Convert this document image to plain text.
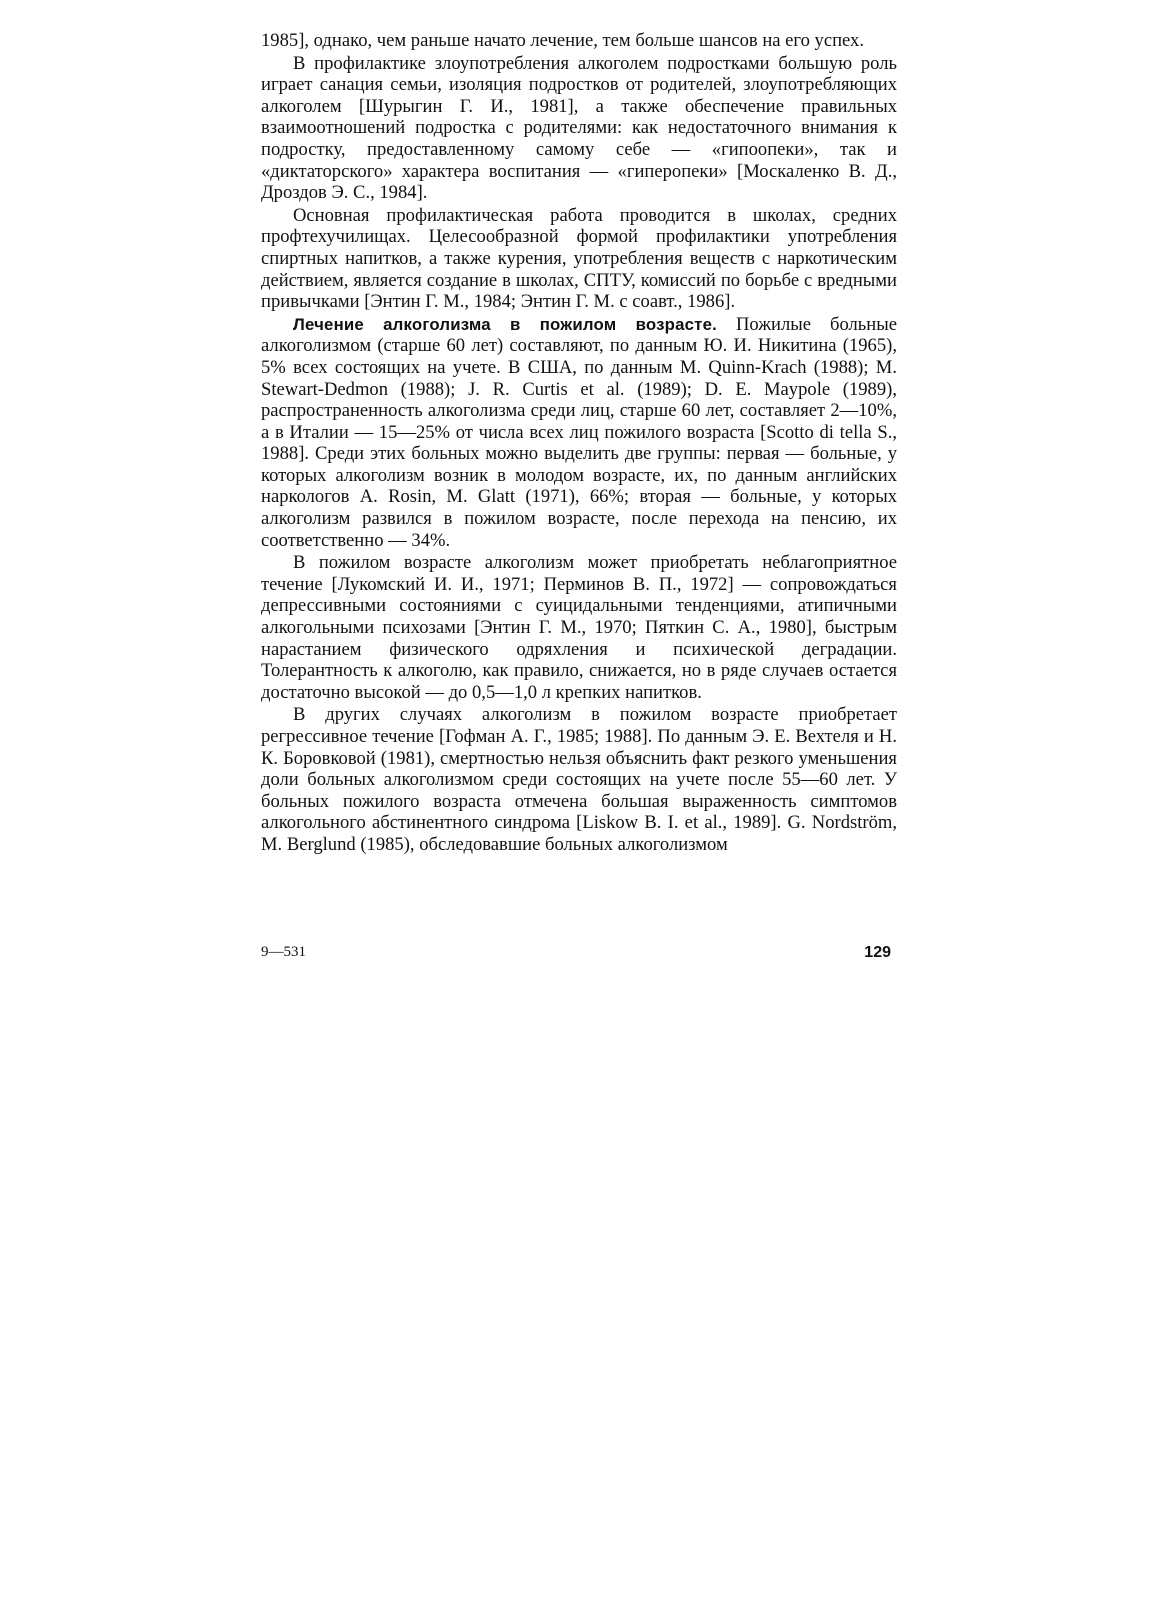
1985], однако, чем раньше начато лечение, тем больше шансов на его успех.

В профилактике злоупотребления алкоголем подростками большую роль играет санация семьи, изоляция подростков от родителей, злоупотребляющих алкоголем [Шурыгин Г. И., 1981], а также обеспечение правильных взаимоотношений подростка с родителями: как недостаточного внимания к подростку, предоставленному самому себе — «гипоопеки», так и «диктаторского» характера воспитания — «гиперопеки» [Москаленко В. Д., Дроздов Э. С., 1984].

Основная профилактическая работа проводится в школах, средних профтехучилищах. Целесообразной формой профилактики употребления спиртных напитков, а также курения, употребления веществ с наркотическим действием, является создание в школах, СПТУ, комиссий по борьбе с вредными привычками [Энтин Г. М., 1984; Энтин Г. М. с соавт., 1986].

Лечение алкоголизма в пожилом возрасте. Пожилые больные алкоголизмом (старше 60 лет) составляют, по данным Ю. И. Никитина (1965), 5% всех состоящих на учете. В США, по данным M. Quinn-Krach (1988); M. Stewart-Dedmon (1988); J. R. Curtis et al. (1989); D. E. Maypole (1989), распространенность алкоголизма среди лиц, старше 60 лет, составляет 2—10%, а в Италии — 15—25% от числа всех лиц пожилого возраста [Scotto di tella S., 1988]. Среди этих больных можно выделить две группы: первая — больные, у которых алкоголизм возник в молодом возрасте, их, по данным английских наркологов A. Rosin, M. Glatt (1971), 66%; вторая — больные, у которых алкоголизм развился в пожилом возрасте, после перехода на пенсию, их соответственно — 34%.

В пожилом возрасте алкоголизм может приобретать неблагоприятное течение [Лукомский И. И., 1971; Перминов В. П., 1972] — сопровождаться депрессивными состояниями с суицидальными тенденциями, атипичными алкогольными психозами [Энтин Г. М., 1970; Пяткин С. А., 1980], быстрым нарастанием физического одряхления и психической деградации. Толерантность к алкоголю, как правило, снижается, но в ряде случаев остается достаточно высокой — до 0,5—1,0 л крепких напитков.

В других случаях алкоголизм в пожилом возрасте приобретает регрессивное течение [Гофман А. Г., 1985; 1988]. По данным Э. Е. Вехтеля и Н. К. Боровковой (1981), смертностью нельзя объяснить факт резкого уменьшения доли больных алкоголизмом среди состоящих на учете после 55—60 лет. У больных пожилого возраста отмечена большая выраженность симптомов алкогольного абстинентного синдрома [Liskow B. I. et al., 1989]. G. Nordström, M. Berglund (1985), обследовавшие больных алкоголизмом

9—531	129
